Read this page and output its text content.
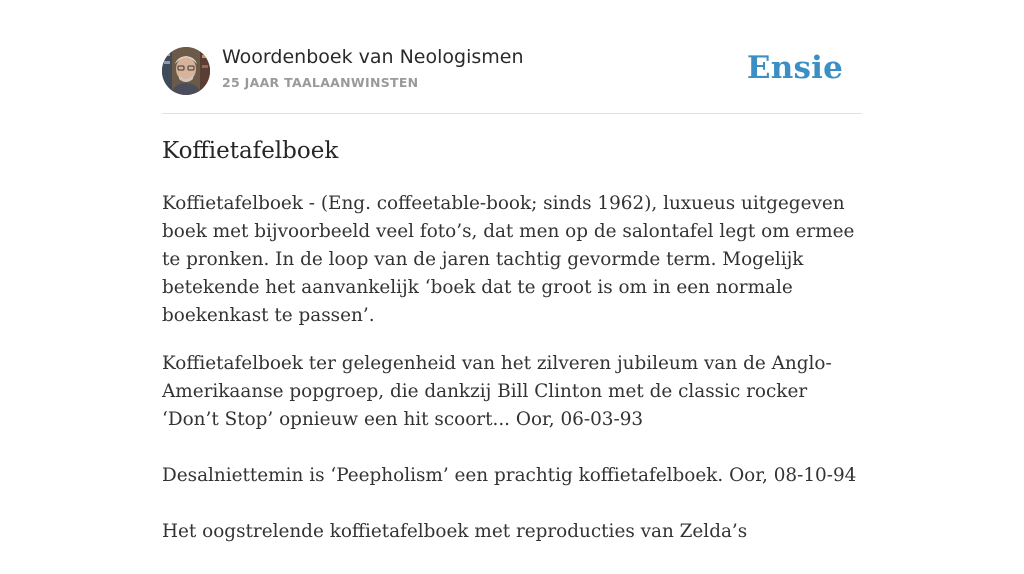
Woordenboek van Neologismen
25 JAAR TAALAANWINSTEN	Ensie
Koffietafelboek

Koffietafelboek - (Eng. coffeetable-book; sinds 1962), luxueus uitgegeven boek met bijvoorbeeld veel foto’s, dat men op de salontafel legt om ermee te pronken. In de loop van de jaren tachtig gevormde term. Mogelijk betekende het aanvankelijk ‘boek dat te groot is om in een normale boekenkast te passen’.

Koffietafelboek ter gelegenheid van het zilveren jubileum van de Anglo-Amerikaanse popgroep, die dankzij Bill Clinton met de classic rocker ‘Don’t Stop’ opnieuw een hit scoort... Oor, 06-03-93

Desalniettemin is ‘Peepholism’ een prachtig koffietafelboek. Oor, 08-10-94

Het oogstrelende koffietafelboek met reproducties van Zelda’s
